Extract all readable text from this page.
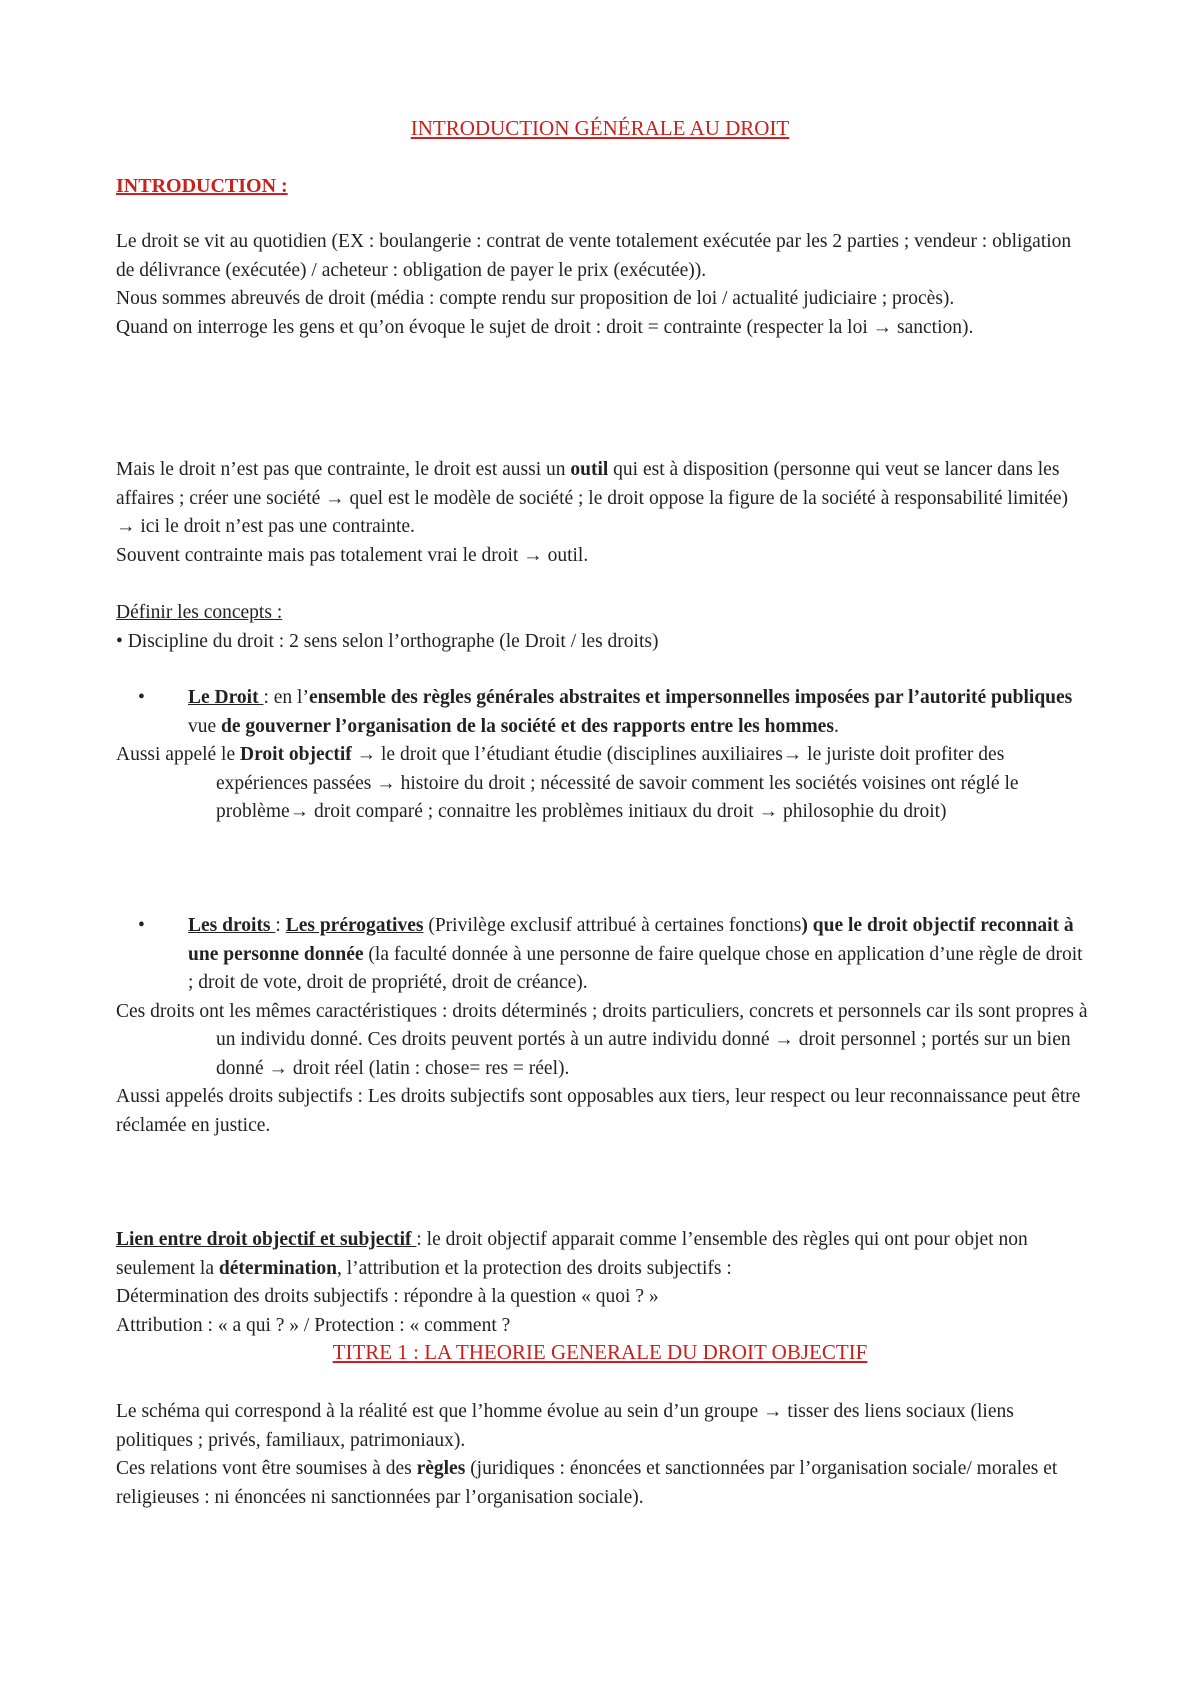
INTRODUCTION GÉNÉRALE AU DROIT
INTRODUCTION :

Le droit se vit au quotidien (EX : boulangerie : contrat de vente totalement exécutée par les 2 parties ; vendeur : obligation de délivrance (exécutée) / acheteur : obligation de payer le prix (exécutée)).

Nous sommes abreuvés de droit (média : compte rendu sur proposition de loi / actualité judiciaire ; procès).

Quand on interroge les gens et qu’on évoque le sujet de droit : droit = contrainte (respecter la loi → sanction).

Mais le droit n’est pas que contrainte, le droit est aussi un outil qui est à disposition (personne qui veut se lancer dans les affaires ; créer une société → quel est le modèle de société ; le droit oppose la figure de la société à responsabilité limitée) → ici le droit n’est pas une contrainte.

Souvent contrainte mais pas totalement vrai le droit → outil.

Définir les concepts :

• Discipline du droit : 2 sens selon l’orthographe (le Droit / les droits)

• Le Droit : en l’ensemble des règles générales abstraites et impersonnelles imposées par l’autorité publiques vue de gouverner l’organisation de la société et des rapports entre les hommes.

Aussi appelé le Droit objectif → le droit que l’étudiant étudie (disciplines auxiliaires→ le juriste doit profiter des expériences passées → histoire du droit ; nécessité de savoir comment les sociétés voisines ont réglé le problème→ droit comparé ; connaitre les problèmes initiaux du droit → philosophie du droit)

• Les droits : Les prérogatives (Privilège exclusif attribué à certaines fonctions) que le droit objectif reconnait à une personne donnée (la faculté donnée à une personne de faire quelque chose en application d’une règle de droit ; droit de vote, droit de propriété, droit de créance).

Ces droits ont les mêmes caractéristiques : droits déterminés ; droits particuliers, concrets et personnels car ils sont propres à un individu donné. Ces droits peuvent portés à un autre individu donné → droit personnel ; portés sur un bien donné → droit réel (latin : chose= res = réel).

Aussi appelés droits subjectifs : Les droits subjectifs sont opposables aux tiers, leur respect ou leur reconnaissance peut être réclamée en justice.

Lien entre droit objectif et subjectif : le droit objectif apparait comme l’ensemble des règles qui ont pour objet non seulement la détermination, l’attribution et la protection des droits subjectifs :

Détermination des droits subjectifs : répondre à la question « quoi ? »

Attribution : « a qui ? » / Protection : « comment ?

TITRE 1 : LA THEORIE GENERALE DU DROIT OBJECTIF

Le schéma qui correspond à la réalité est que l’homme évolue au sein d’un groupe → tisser des liens sociaux (liens politiques ; privés, familiaux, patrimoniaux).

Ces relations vont être soumises à des règles (juridiques : énoncées et sanctionnées par l’organisation sociale/ morales et religieuses : ni énoncées ni sanctionnées par l’organisation sociale).
